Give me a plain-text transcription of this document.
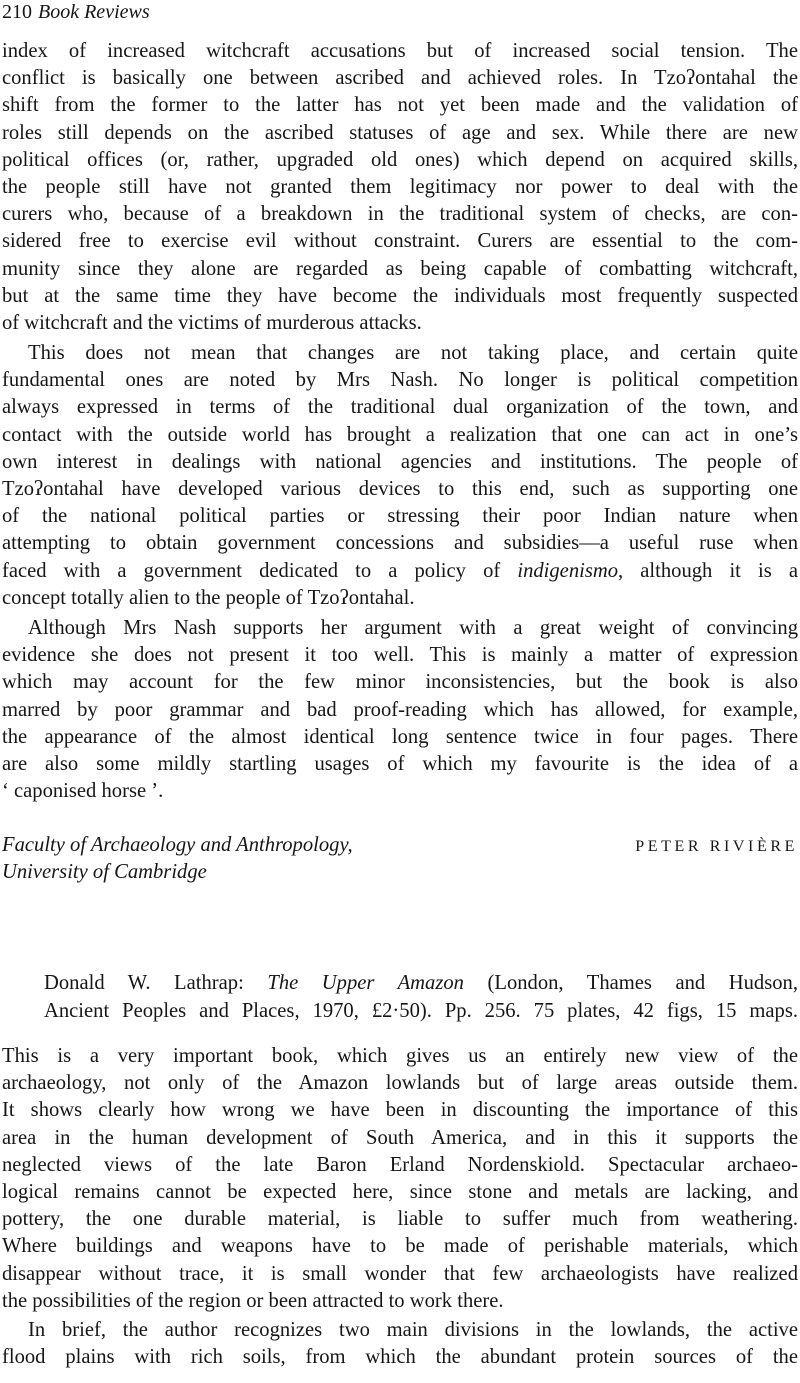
210 Book Reviews
index of increased witchcraft accusations but of increased social tension. The
conflict is basically one between ascribed and achieved roles. In Tzoʔontahal the
shift from the former to the latter has not yet been made and the validation of
roles still depends on the ascribed statuses of age and sex. While there are new
political offices (or, rather, upgraded old ones) which depend on acquired skills,
the people still have not granted them legitimacy nor power to deal with the
curers who, because of a breakdown in the traditional system of checks, are con-
sidered free to exercise evil without constraint. Curers are essential to the com-
munity since they alone are regarded as being capable of combatting witchcraft,
but at the same time they have become the individuals most frequently suspected
of witchcraft and the victims of murderous attacks.
This does not mean that changes are not taking place, and certain quite
fundamental ones are noted by Mrs Nash. No longer is political competition
always expressed in terms of the traditional dual organization of the town, and
contact with the outside world has brought a realization that one can act in one’s
own interest in dealings with national agencies and institutions. The people of
Tzoʔontahal have developed various devices to this end, such as supporting one
of the national political parties or stressing their poor Indian nature when
attempting to obtain government concessions and subsidies—a useful ruse when
faced with a government dedicated to a policy of indigenismo, although it is a
concept totally alien to the people of Tzoʔontahal.
Although Mrs Nash supports her argument with a great weight of convincing
evidence she does not present it too well. This is mainly a matter of expression
which may account for the few minor inconsistencies, but the book is also
marred by poor grammar and bad proof-reading which has allowed, for example,
the appearance of the almost identical long sentence twice in four pages. There
are also some mildly startling usages of which my favourite is the idea of a
‘ caponised horse ’.
Faculty of Archaeology and Anthropology,
University of Cambridge
PETER RIVIÈRE
Donald W. Lathrap: The Upper Amazon (London, Thames and Hudson,
Ancient Peoples and Places, 1970, £2·50). Pp. 256. 75 plates, 42 figs, 15 maps.
This is a very important book, which gives us an entirely new view of the
archaeology, not only of the Amazon lowlands but of large areas outside them.
It shows clearly how wrong we have been in discounting the importance of this
area in the human development of South America, and in this it supports the
neglected views of the late Baron Erland Nordenskiold. Spectacular archaeo-
logical remains cannot be expected here, since stone and metals are lacking, and
pottery, the one durable material, is liable to suffer much from weathering.
Where buildings and weapons have to be made of perishable materials, which
disappear without trace, it is small wonder that few archaeologists have realized
the possibilities of the region or been attracted to work there.
In brief, the author recognizes two main divisions in the lowlands, the active
flood plains with rich soils, from which the abundant protein sources of the
